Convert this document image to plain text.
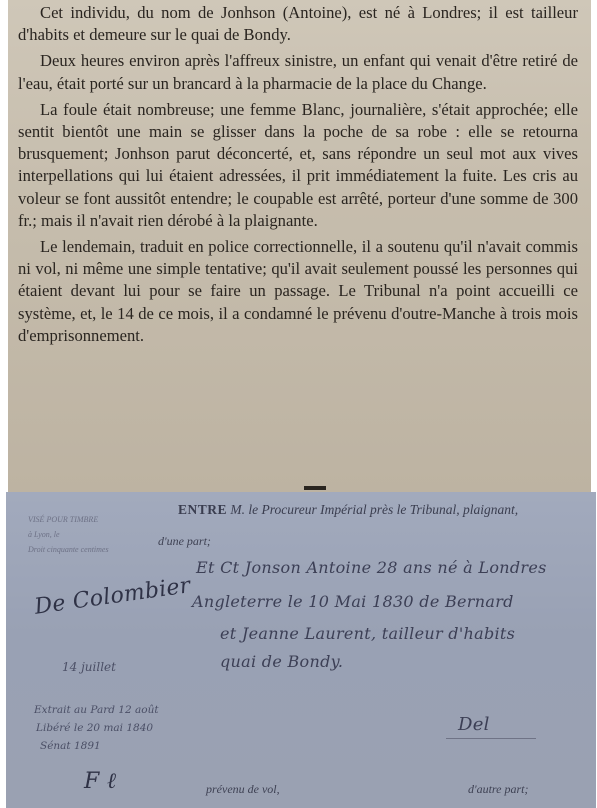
Cet individu, du nom de Jonhson (Antoine), est né à Londres; il est tailleur d'habits et demeure sur le quai de Bondy.

Deux heures environ après l'affreux sinistre, un enfant qui venait d'être retiré de l'eau, était porté sur un brancard à la pharmacie de la place du Change.

La foule était nombreuse; une femme Blanc, journalière, s'était approchée; elle sentit bientôt une main se glisser dans la poche de sa robe : elle se retourna brusquement; Jonhson parut déconcerté, et, sans répondre un seul mot aux vives interpellations qui lui étaient adressées, il prit immédiatement la fuite. Les cris au voleur se font aussitôt entendre; le coupable est arrêté, porteur d'une somme de 300 fr.; mais il n'avait rien dérobé à la plaignante.

Le lendemain, traduit en police correctionnelle, il a soutenu qu'il n'avait commis ni vol, ni même une simple tentative; qu'il avait seulement poussé les personnes qui étaient devant lui pour se faire un passage. Le Tribunal n'a point accueilli ce système, et, le 14 de ce mois, il a condamné le prévenu d'outre-Manche à trois mois d'emprisonnement.

VISÉ POUR TIMBRE
à Lyon, le
Droit cinquante centimes
ENTRE M. le Procureur Impérial près le Tribunal, plaignant,
d'une part;
De Colombier
Et Ct Jonson Antoine 28 ans né à Londres
Angleterre le 10 Mai 1830 de Bernard
et Jeanne Laurent, tailleur d'habits
quai de Bondy.
14 juillet
Extrait au Pard 12 août
Libéré le 20 mai 1840
Sénat 1891
Del
F ℓ	prévenu de vol,	d'autre part;
